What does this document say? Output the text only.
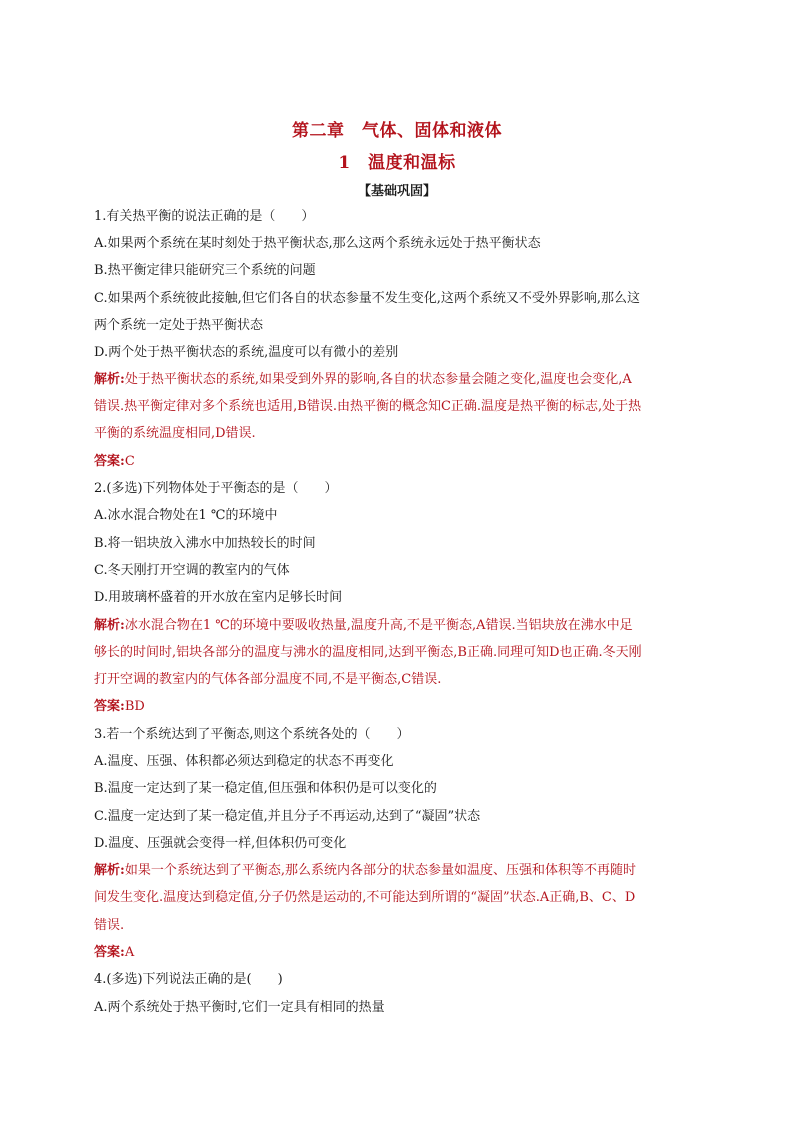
第二章　气体、固体和液体
1　温度和温标
【基础巩固】
1.有关热平衡的说法正确的是（　　）
A.如果两个系统在某时刻处于热平衡状态,那么这两个系统永远处于热平衡状态
B.热平衡定律只能研究三个系统的问题
C.如果两个系统彼此接触,但它们各自的状态参量不发生变化,这两个系统又不受外界影响,那么这
两个系统一定处于热平衡状态
D.两个处于热平衡状态的系统,温度可以有微小的差别
解析:处于热平衡状态的系统,如果受到外界的影响,各自的状态参量会随之变化,温度也会变化,A
错误.热平衡定律对多个系统也适用,B错误.由热平衡的概念知C正确.温度是热平衡的标志,处于热
平衡的系统温度相同,D错误.
答案:C
2.(多选)下列物体处于平衡态的是（　　）
A.冰水混合物处在1 ℃的环境中
B.将一铝块放入沸水中加热较长的时间
C.冬天刚打开空调的教室内的气体
D.用玻璃杯盛着的开水放在室内足够长时间
解析:冰水混合物在1 ℃的环境中要吸收热量,温度升高,不是平衡态,A错误.当铝块放在沸水中足
够长的时间时,铝块各部分的温度与沸水的温度相同,达到平衡态,B正确.同理可知D也正确.冬天刚
打开空调的教室内的气体各部分温度不同,不是平衡态,C错误.
答案:BD
3.若一个系统达到了平衡态,则这个系统各处的（　　）
A.温度、压强、体积都必须达到稳定的状态不再变化
B.温度一定达到了某一稳定值,但压强和体积仍是可以变化的
C.温度一定达到了某一稳定值,并且分子不再运动,达到了“凝固”状态
D.温度、压强就会变得一样,但体积仍可变化
解析:如果一个系统达到了平衡态,那么系统内各部分的状态参量如温度、压强和体积等不再随时
间发生变化.温度达到稳定值,分子仍然是运动的,不可能达到所谓的“凝固”状态.A正确,B、C、D
错误.
答案:A
4.(多选)下列说法正确的是(　　)
A.两个系统处于热平衡时,它们一定具有相同的热量
